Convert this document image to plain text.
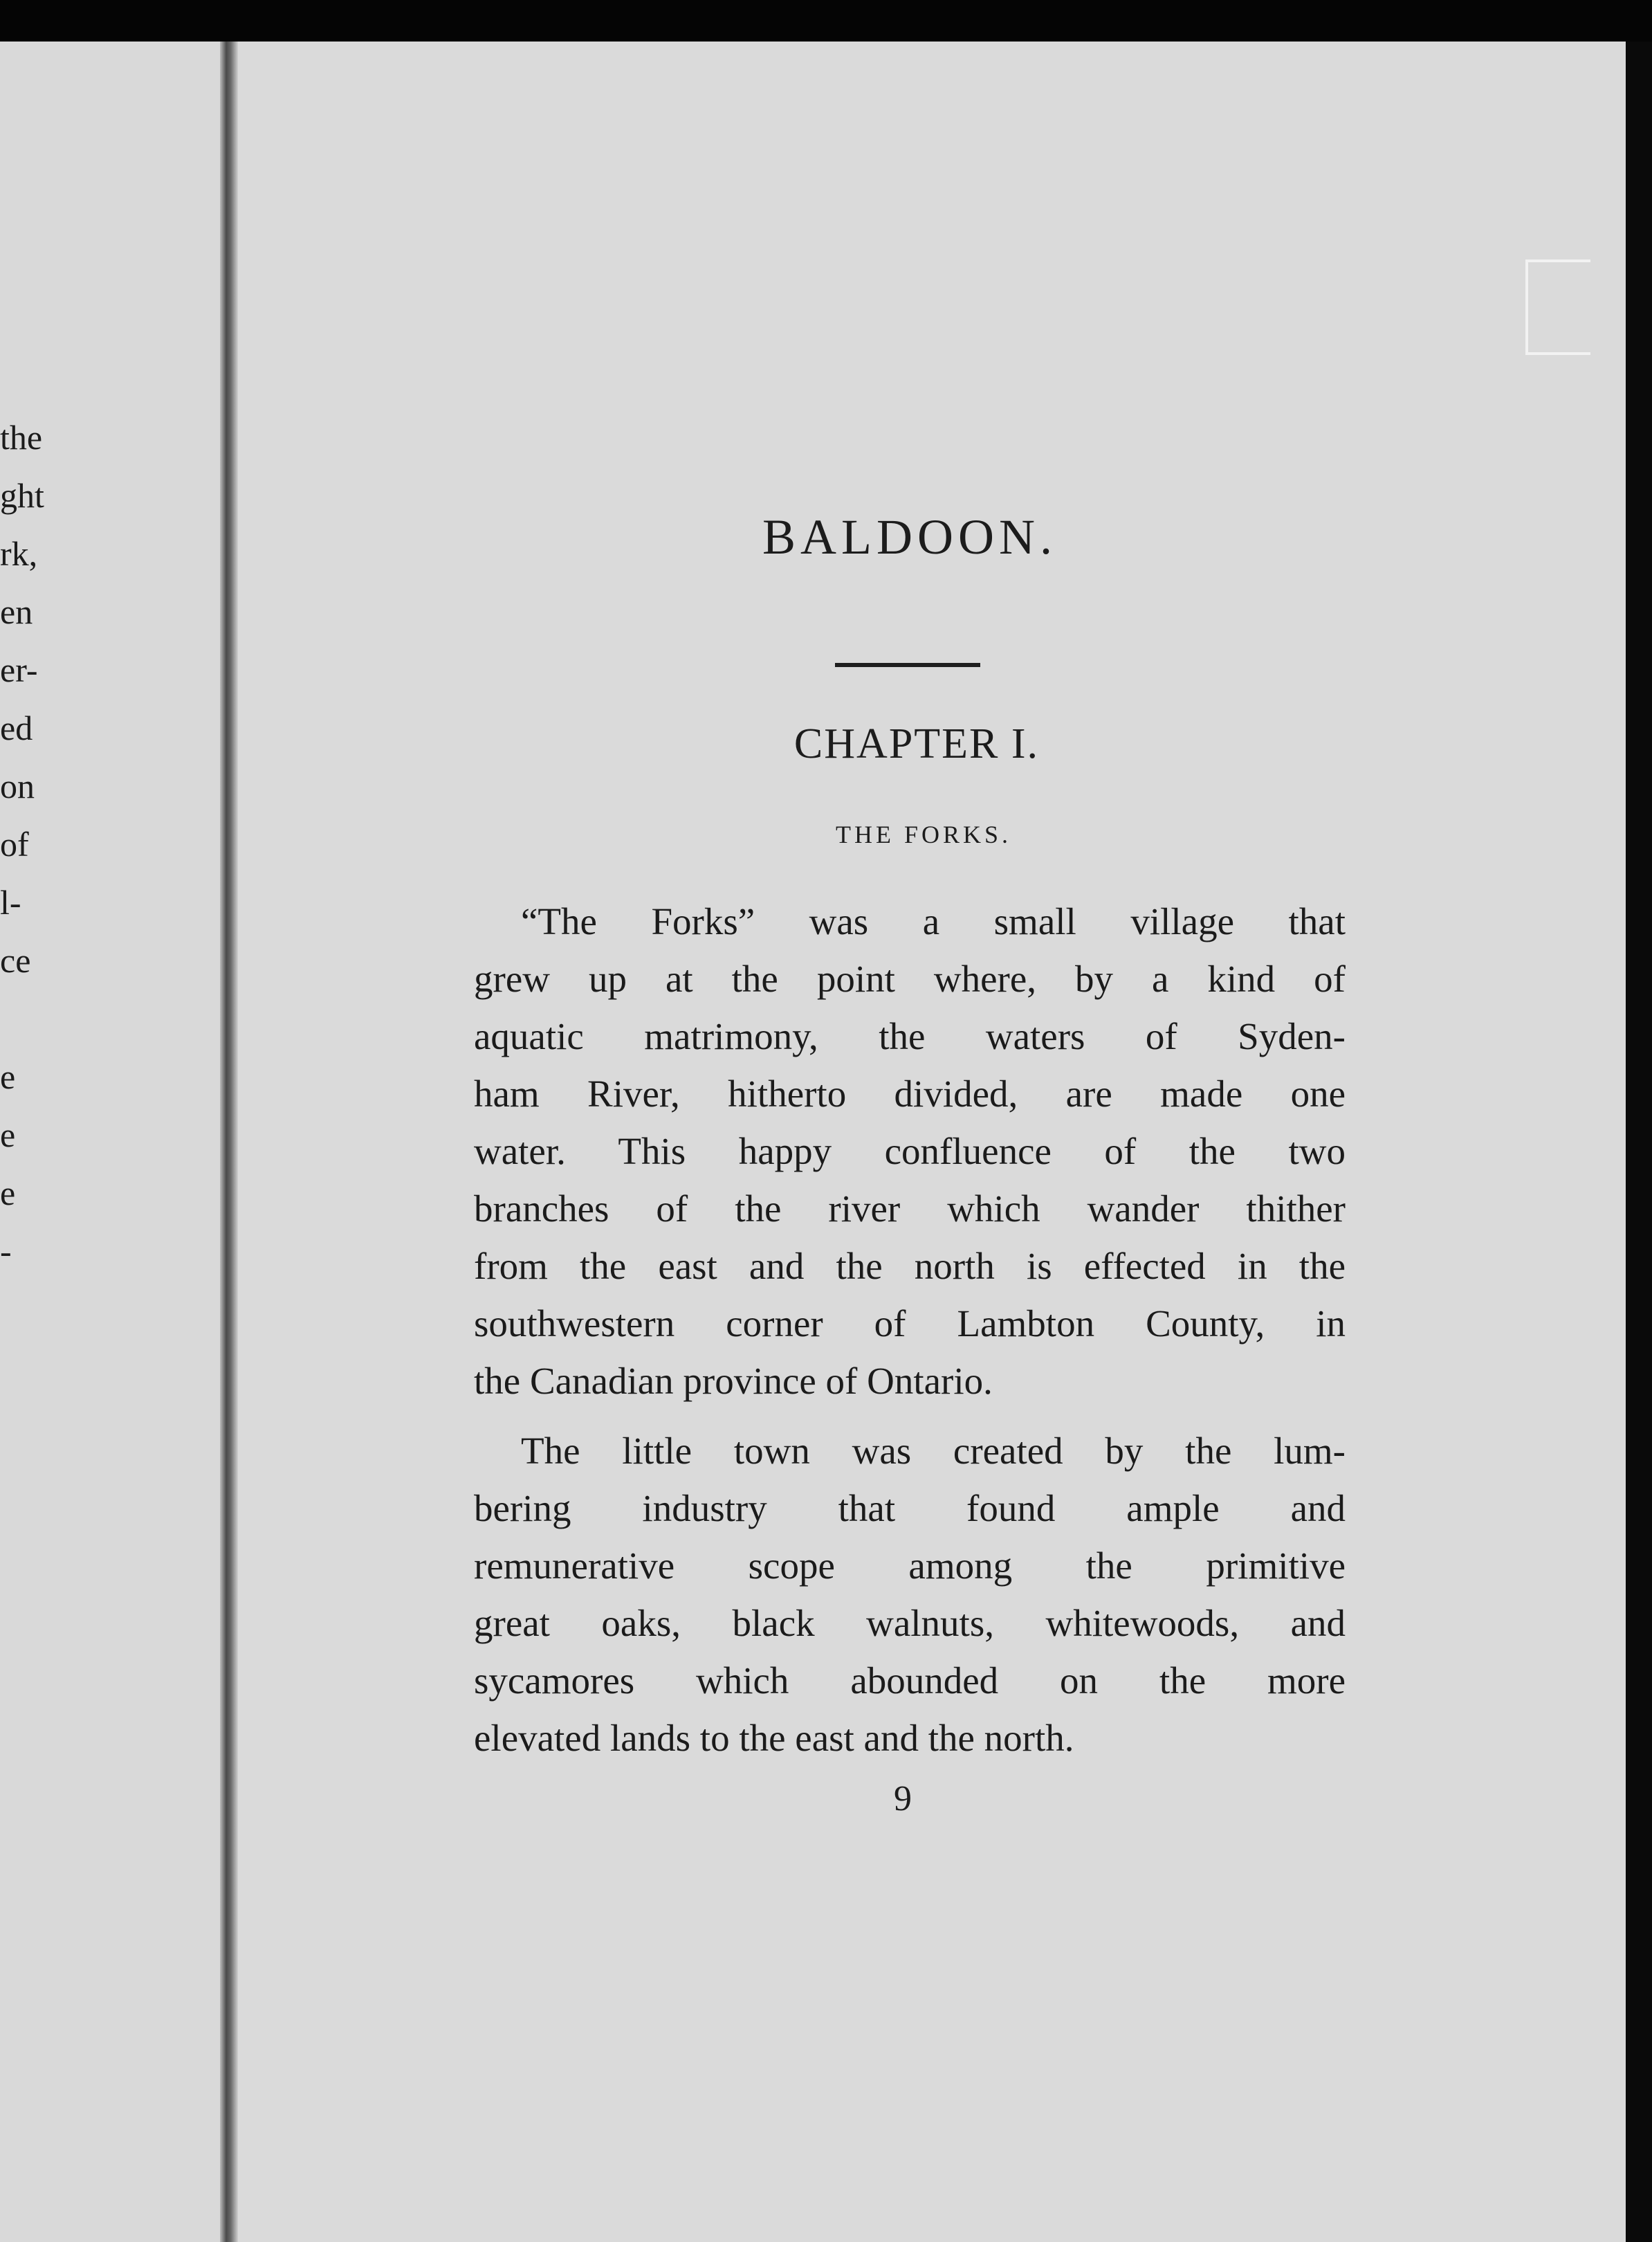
the
ght
rk,
en
er-
ed
on
of
l-
ce
e
e
e
-
BALDOON.
CHAPTER I.
THE FORKS.
“The Forks” was a small village that
grew up at the point where, by a kind of
aquatic matrimony, the waters of Syden-
ham River, hitherto divided, are made one
water. This happy confluence of the two
branches of the river which wander thither
from the east and the north is effected in the
southwestern corner of Lambton County, in
the Canadian province of Ontario.
The little town was created by the lum-
bering industry that found ample and
remunerative scope among the primitive
great oaks, black walnuts, whitewoods, and
sycamores which abounded on the more
elevated lands to the east and the north.
9
